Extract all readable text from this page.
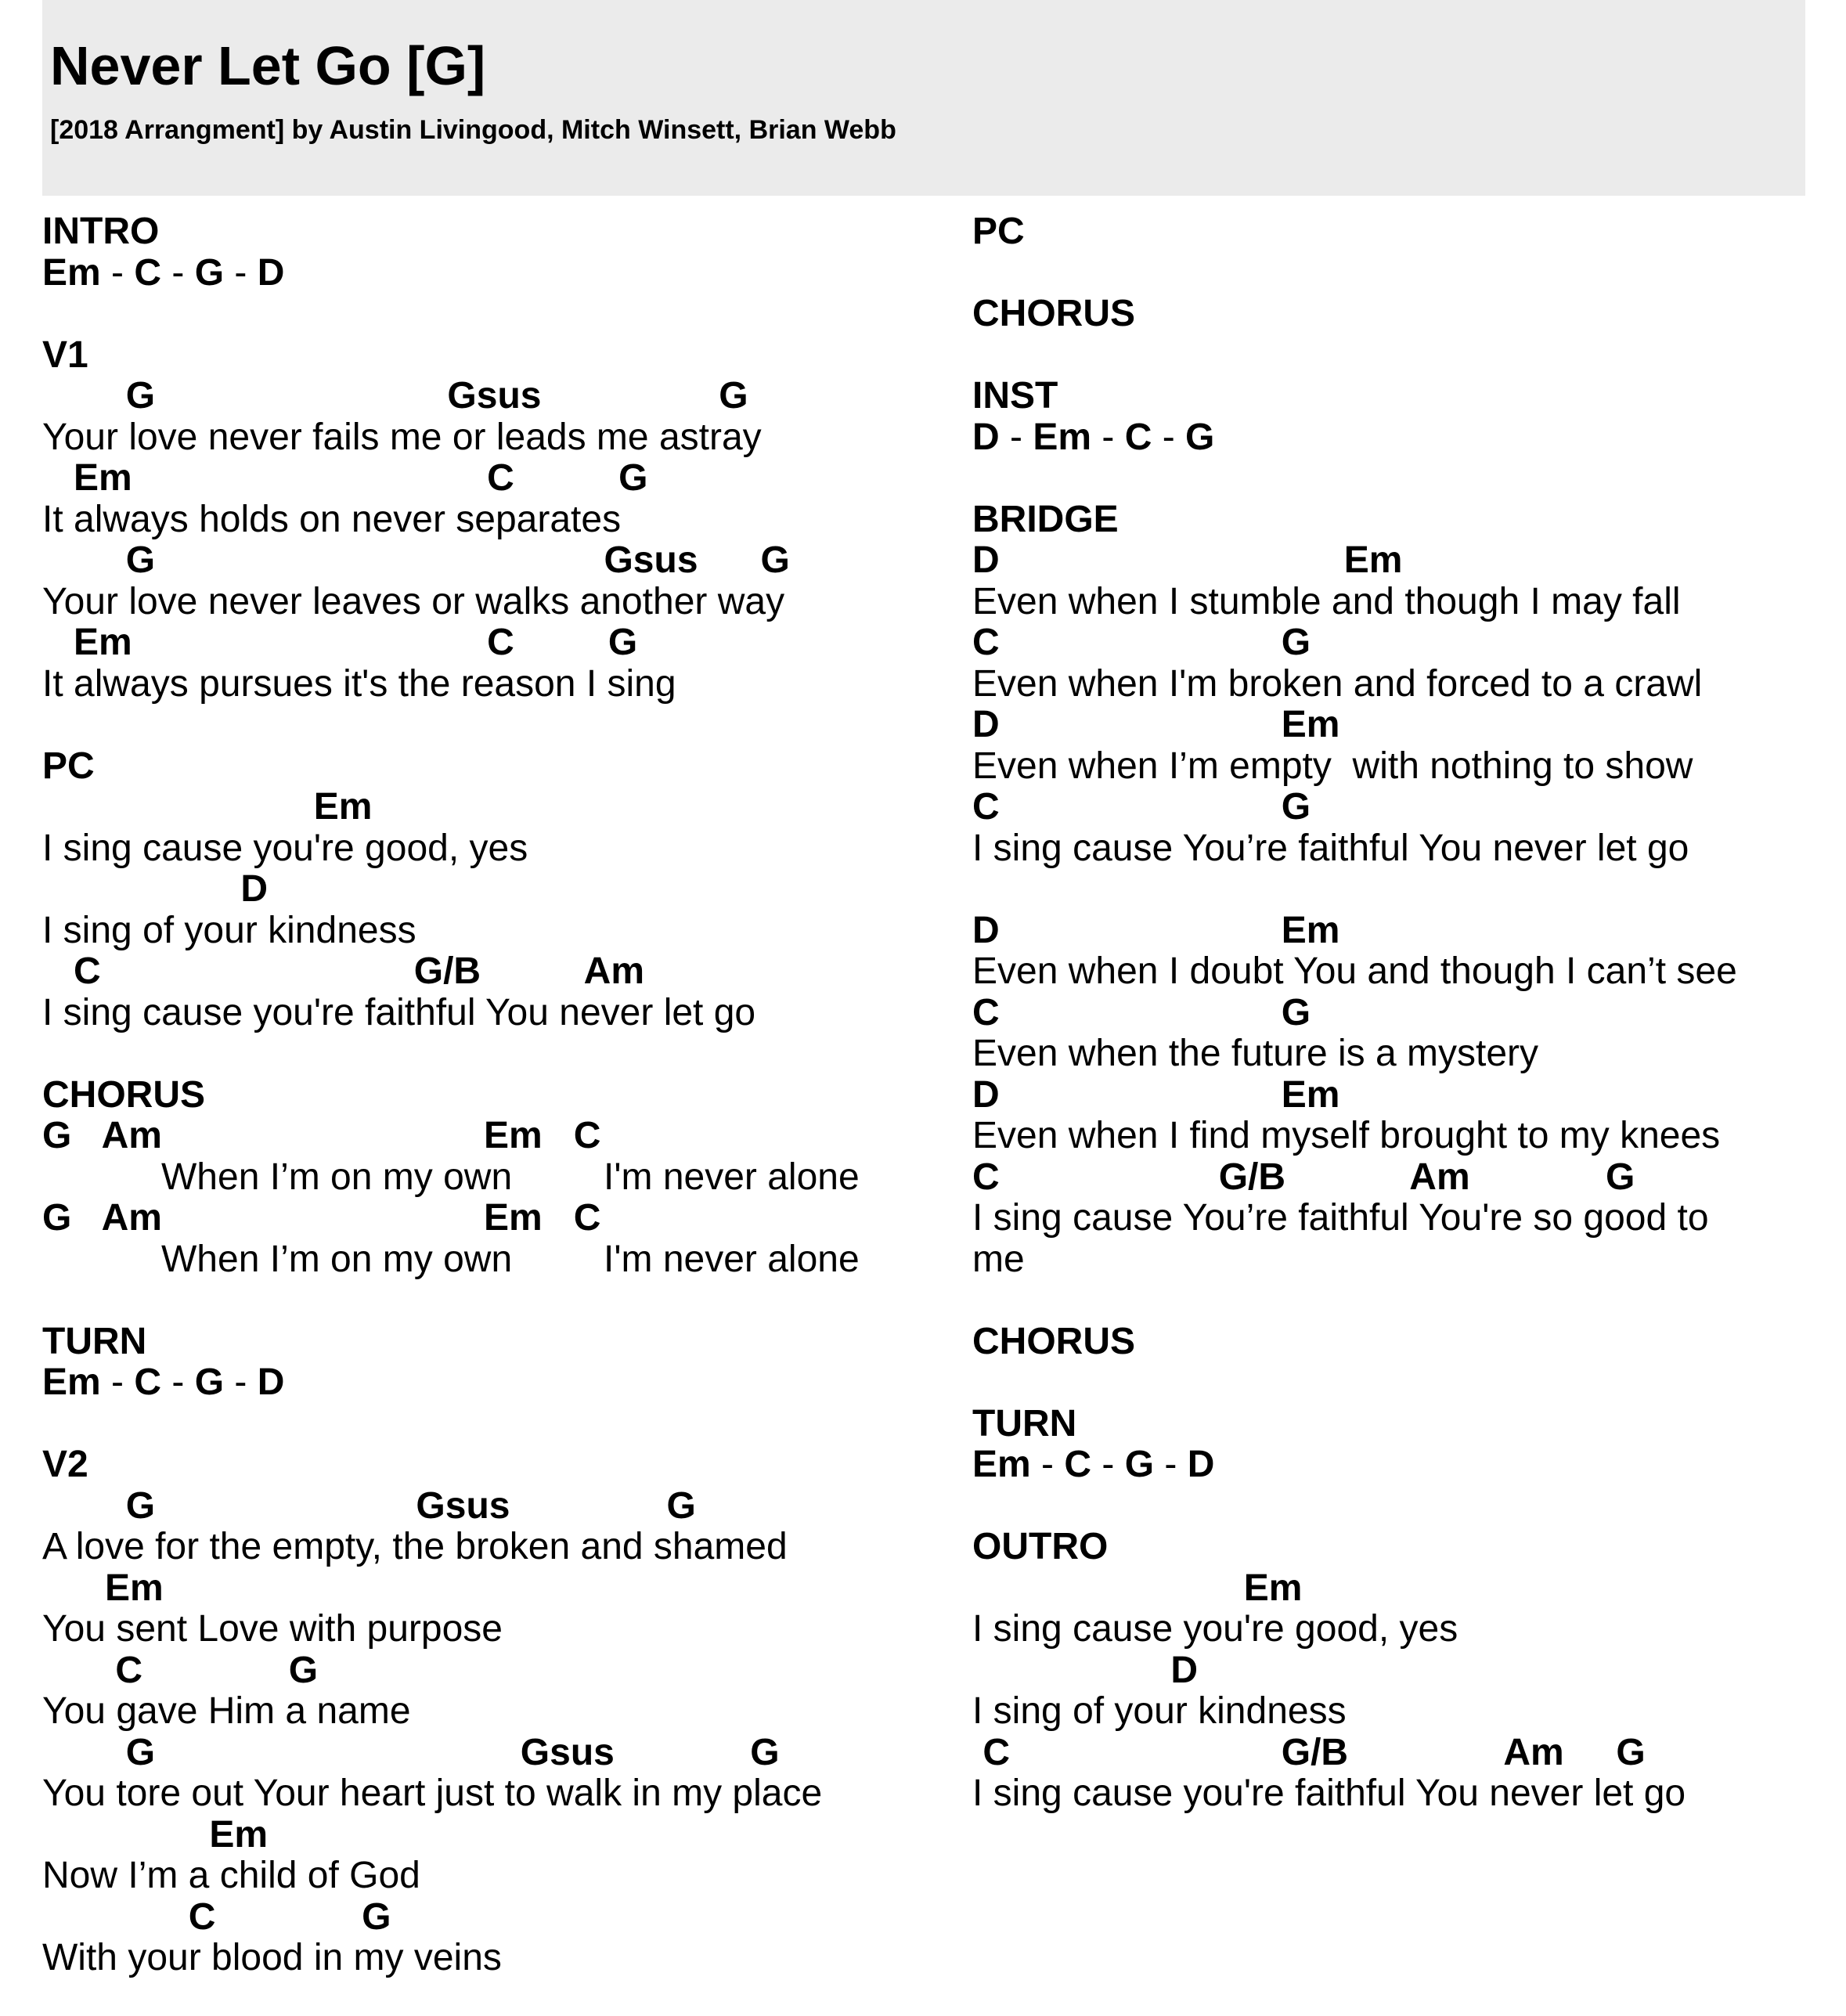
Never Let Go [G]
[2018 Arrangment] by Austin Livingood, Mitch Winsett, Brian Webb
INTRO
Em - C - G - D
V1
G                            Gsus                 G
Your love never fails me or leads me astray
Em                                  C          G
It always holds on never separates
G                                           Gsus      G
Your love never leaves or walks another way
Em                                  C         G
It always pursues it's the reason I sing
PC
Em
I sing cause you're good, yes
D
I sing of your kindness
C                              G/B          Am
I sing cause you're faithful You never let go
CHORUS
G   Am	Em   C
When I’m on my own I'm never alone
G   Am	Em   C
When I’m on my own I'm never alone
TURN
Em - C - G - D
V2
G                         Gsus               G
A love for the empty, the broken and shamed
Em
You sent Love with purpose
C              G
You gave Him a name
G                                   Gsus             G
You tore out Your heart just to walk in my place
Em
Now I’m a child of God
C              G
With your blood in my veins
PC
CHORUS
INST
D - Em - C - G
BRIDGE
D                                 Em
Even when I stumble and though I may fall
C                           G
Even when I'm broken and forced to a crawl
D                           Em
Even when I’m empty  with nothing to show
C                           G
I sing cause You’re faithful You never let go
D                           Em
Even when I doubt You and though I can’t see
C                           G
Even when the future is a mystery
D                           Em
Even when I find myself brought to my knees
C                     G/B            Am             G
I sing cause You’re faithful You're so good to
me
CHORUS
TURN
Em - C - G - D
OUTRO
Em
I sing cause you're good, yes
D
I sing of your kindness
C                          G/B               Am     G
I sing cause you're faithful You never let go
